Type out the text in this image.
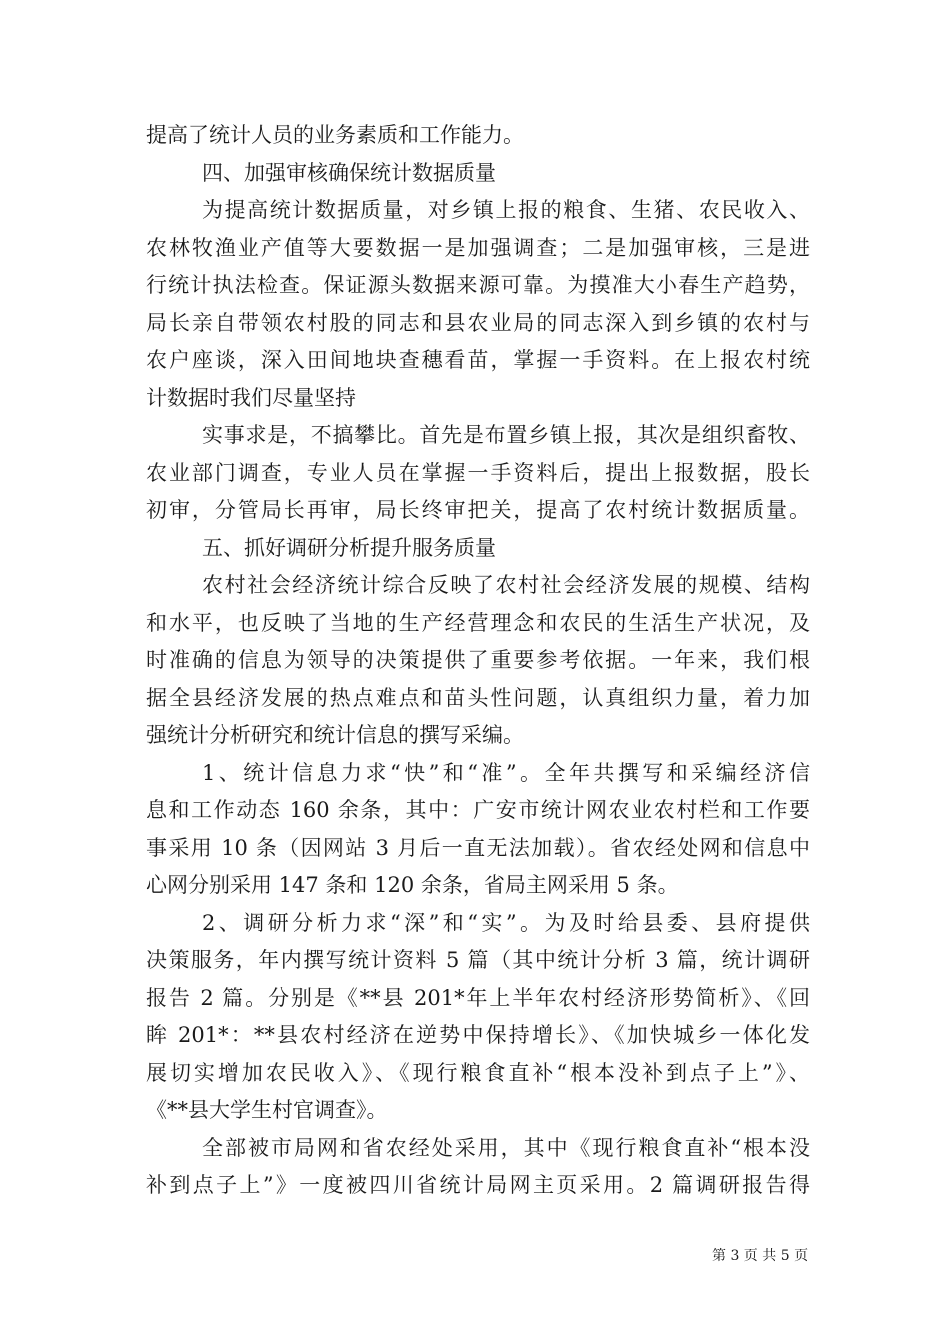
提高了统计人员的业务素质和工作能力。
四、加强审核确保统计数据质量
为提高统计数据质量，对乡镇上报的粮食、生猪、农民收入、
农林牧渔业产值等大要数据一是加强调查；二是加强审核，三是进
行统计执法检查。保证源头数据来源可靠。为摸准大小春生产趋势，
局长亲自带领农村股的同志和县农业局的同志深入到乡镇的农村与
农户座谈，深入田间地块查穗看苗，掌握一手资料。在上报农村统
计数据时我们尽量坚持
实事求是，不搞攀比。首先是布置乡镇上报，其次是组织畜牧、
农业部门调查，专业人员在掌握一手资料后，提出上报数据，股长
初审，分管局长再审，局长终审把关，提高了农村统计数据质量。
五、抓好调研分析提升服务质量
农村社会经济统计综合反映了农村社会经济发展的规模、结构
和水平，也反映了当地的生产经营理念和农民的生活生产状况，及
时准确的信息为领导的决策提供了重要参考依据。一年来，我们根
据全县经济发展的热点难点和苗头性问题，认真组织力量，着力加
强统计分析研究和统计信息的撰写采编。
1、统计信息力求“快”和“准”。全年共撰写和采编经济信
息和工作动态 160 余条，其中：广安市统计网农业农村栏和工作要
事采用 10 条（因网站 3 月后一直无法加载）。省农经处网和信息中
心网分别采用 147 条和 120 余条，省局主网采用 5 条。
2、调研分析力求“深”和“实”。为及时给县委、县府提供
决策服务，年内撰写统计资料 5 篇（其中统计分析 3 篇，统计调研
报告 2 篇。分别是《**县 201*年上半年农村经济形势简析》、《回
眸 201*：**县农村经济在逆势中保持增长》、《加快城乡一体化发
展切实增加农民收入》、《现行粮食直补“根本没补到点子上”》、
《**县大学生村官调查》。
全部被市局网和省农经处采用，其中《现行粮食直补“根本没
补到点子上”》一度被四川省统计局网主页采用。2 篇调研报告得
第 3 页 共 5 页
